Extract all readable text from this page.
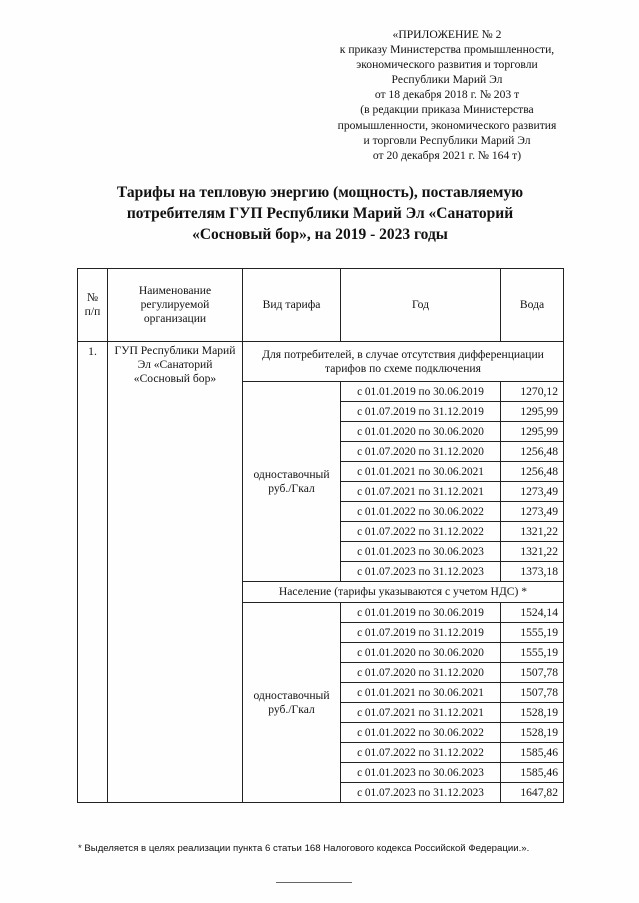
«ПРИЛОЖЕНИЕ № 2
к приказу Министерства промышленности,
экономического развития и торговли
Республики Марий Эл
от 18 декабря 2018 г. № 203 т
(в редакции приказа Министерства
промышленности, экономического развития
и торговли Республики Марий Эл
от 20 декабря 2021 г. № 164 т)
Тарифы на тепловую энергию (мощность), поставляемую
потребителям ГУП Республики Марий Эл «Санаторий
«Сосновый бор», на 2019 - 2023 годы
№ п/п	Наименование регулируемой организации	Вид тарифа	Год	Вода
1.	ГУП Республики Марий Эл «Санаторий «Сосновый бор»	Для потребителей, в случае отсутствия дифференциации тарифов по схеме подключения		
		одноставочный руб./Гкал	с 01.01.2019 по 30.06.2019	1270,12
			с 01.07.2019 по 31.12.2019	1295,99
			с 01.01.2020 по 30.06.2020	1295,99
			с 01.07.2020 по 31.12.2020	1256,48
			с 01.01.2021 по 30.06.2021	1256,48
			с 01.07.2021 по 31.12.2021	1273,49
			с 01.01.2022 по 30.06.2022	1273,49
			с 01.07.2022 по 31.12.2022	1321,22
			с 01.01.2023 по 30.06.2023	1321,22
			с 01.07.2023 по 31.12.2023	1373,18
		Население (тарифы указываются с учетом НДС) *		
		одноставочный руб./Гкал	с 01.01.2019 по 30.06.2019	1524,14
			с 01.07.2019 по 31.12.2019	1555,19
			с 01.01.2020 по 30.06.2020	1555,19
			с 01.07.2020 по 31.12.2020	1507,78
			с 01.01.2021 по 30.06.2021	1507,78
			с 01.07.2021 по 31.12.2021	1528,19
			с 01.01.2022 по 30.06.2022	1528,19
			с 01.07.2022 по 31.12.2022	1585,46
			с 01.01.2023 по 30.06.2023	1585,46
			с 01.07.2023 по 31.12.2023	1647,82
* Выделяется в целях реализации пункта 6 статьи 168 Налогового кодекса Российской Федерации.».
